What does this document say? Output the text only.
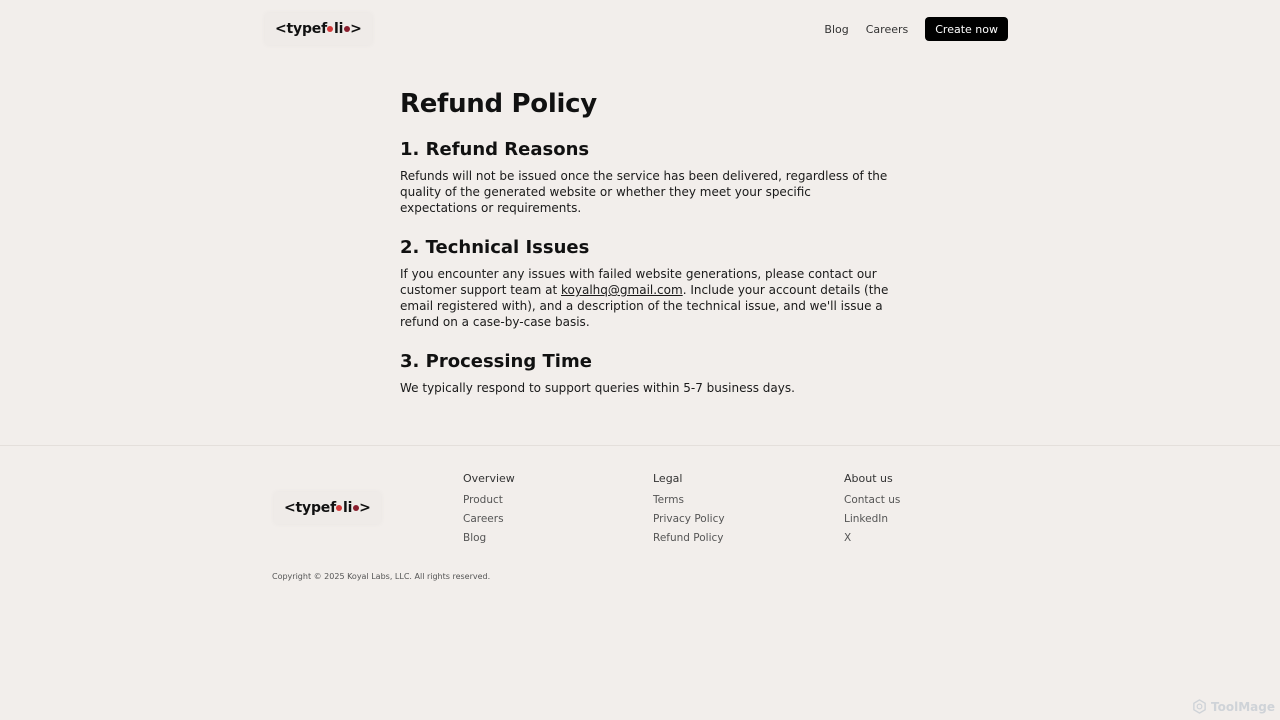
<typef li >	Blog Careers	Create now
Refund Policy
1. Refund Reasons

Refunds will not be issued once the service has been delivered, regardless of the quality of the generated website or whether they meet your specific expectations or requirements.

2. Technical Issues

If you encounter any issues with failed website generations, please contact our customer support team at koyalhq@gmail.com. Include your account details (the email registered with), and a description of the technical issue, and we'll issue a refund on a case-by-case basis.

3. Processing Time

We typically respond to support queries within 5-7 business days.

<typef li >
Overview
Product
Careers
Blog
Legal
Terms
Privacy Policy
Refund Policy
About us
Contact us
LinkedIn
X
Copyright © 2025 Koyal Labs, LLC. All rights reserved.
ToolMage
